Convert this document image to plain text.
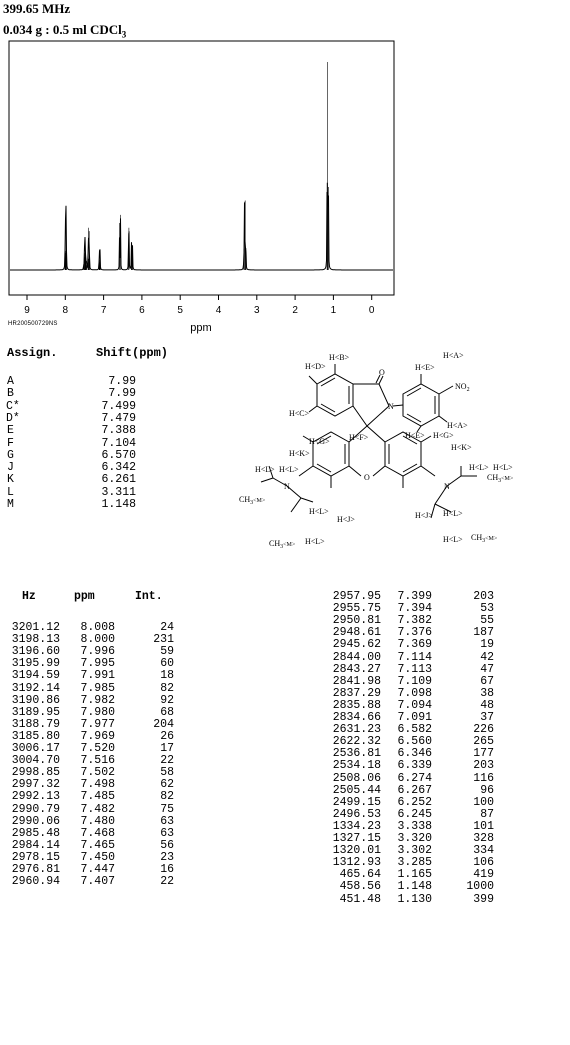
399.65 MHz
0.034 g : 0.5 ml CDCl$_3$
9	8	7	6	5	4	3	2	1	0
ppm
HR200500729NS
Assign.	Shift(ppm)
A	7.99
B	7.99
C*	7.499
D*	7.479
E	7.388
F	7.104
G	6.570
J	6.342
K	6.261
L	3.311
M	1.148
H<D>
H<B>
O
H<E>
H<A>
$NO_2$
N
H<C>
H<A>
H<E> H<G>
H<G> H<F>
H<K>
H<K>
H<L> H<L>	H<L> H<L>
$CH_3^{<M>}$
N
O
N
$CH_3^{<M>}$
H<L>
H<J>	H<J> H<L>
$CH_3^{<M>}$ H<L>	$H<L> CH_3^{<M>}$
Hz	ppm	Int.
3201.12	8.008	24
3198.13	8.000	231
3196.60	7.996	59
3195.99	7.995	60
3194.59	7.991	18
3192.14	7.985	82
3190.86	7.982	92
3189.95	7.980	68
3188.79	7.977	204
3185.80	7.969	26
3006.17	7.520	17
3004.70	7.516	22
2998.85	7.502	58
2997.32	7.498	62
2992.13	7.485	82
2990.79	7.482	75
2990.06	7.480	63
2985.48	7.468	63
2984.14	7.465	56
2978.15	7.450	23
2976.81	7.447	16
2960.94	7.407	22
2957.95	7.399	203
2955.75	7.394	53
2950.81	7.382	55
2948.61	7.376	187
2945.62	7.369	19
2844.00	7.114	42
2843.27	7.113	47
2841.98	7.109	67
2837.29	7.098	38
2835.88	7.094	48
2834.66	7.091	37
2631.23	6.582	226
2622.32	6.560	265
2536.81	6.346	177
2534.18	6.339	203
2508.06	6.274	116
2505.44	6.267	96
2499.15	6.252	100
2496.53	6.245	87
1334.23	3.338	101
1327.15	3.320	328
1320.01	3.302	334
1312.93	3.285	106
465.64	1.165	419
458.56	1.148	1000
451.48	1.130	399
